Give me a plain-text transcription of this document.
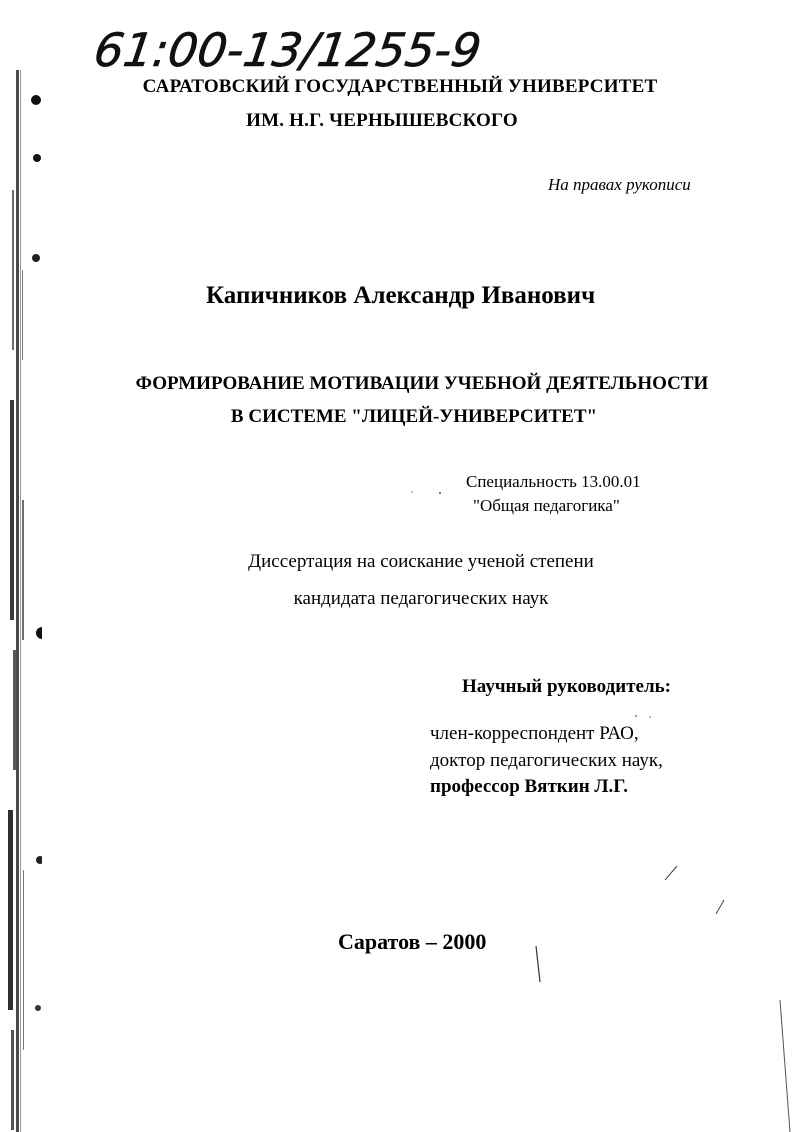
61:00-13/1255-9
САРАТОВСКИЙ ГОСУДАРСТВЕННЫЙ УНИВЕРСИТЕТ
ИМ. Н.Г. ЧЕРНЫШЕВСКОГО
На правах рукописи
Капичников Александр Иванович
ФОРМИРОВАНИЕ МОТИВАЦИИ УЧЕБНОЙ ДЕЯТЕЛЬНОСТИ
В СИСТЕМЕ "ЛИЦЕЙ-УНИВЕРСИТЕТ"
Специальность 13.00.01
"Общая педагогика"
Диссертация на соискание ученой степени
кандидата педагогических наук
Научный руководитель:
член-корреспондент РАО,
доктор педагогических наук,
профессор Вяткин Л.Г.
Саратов – 2000
